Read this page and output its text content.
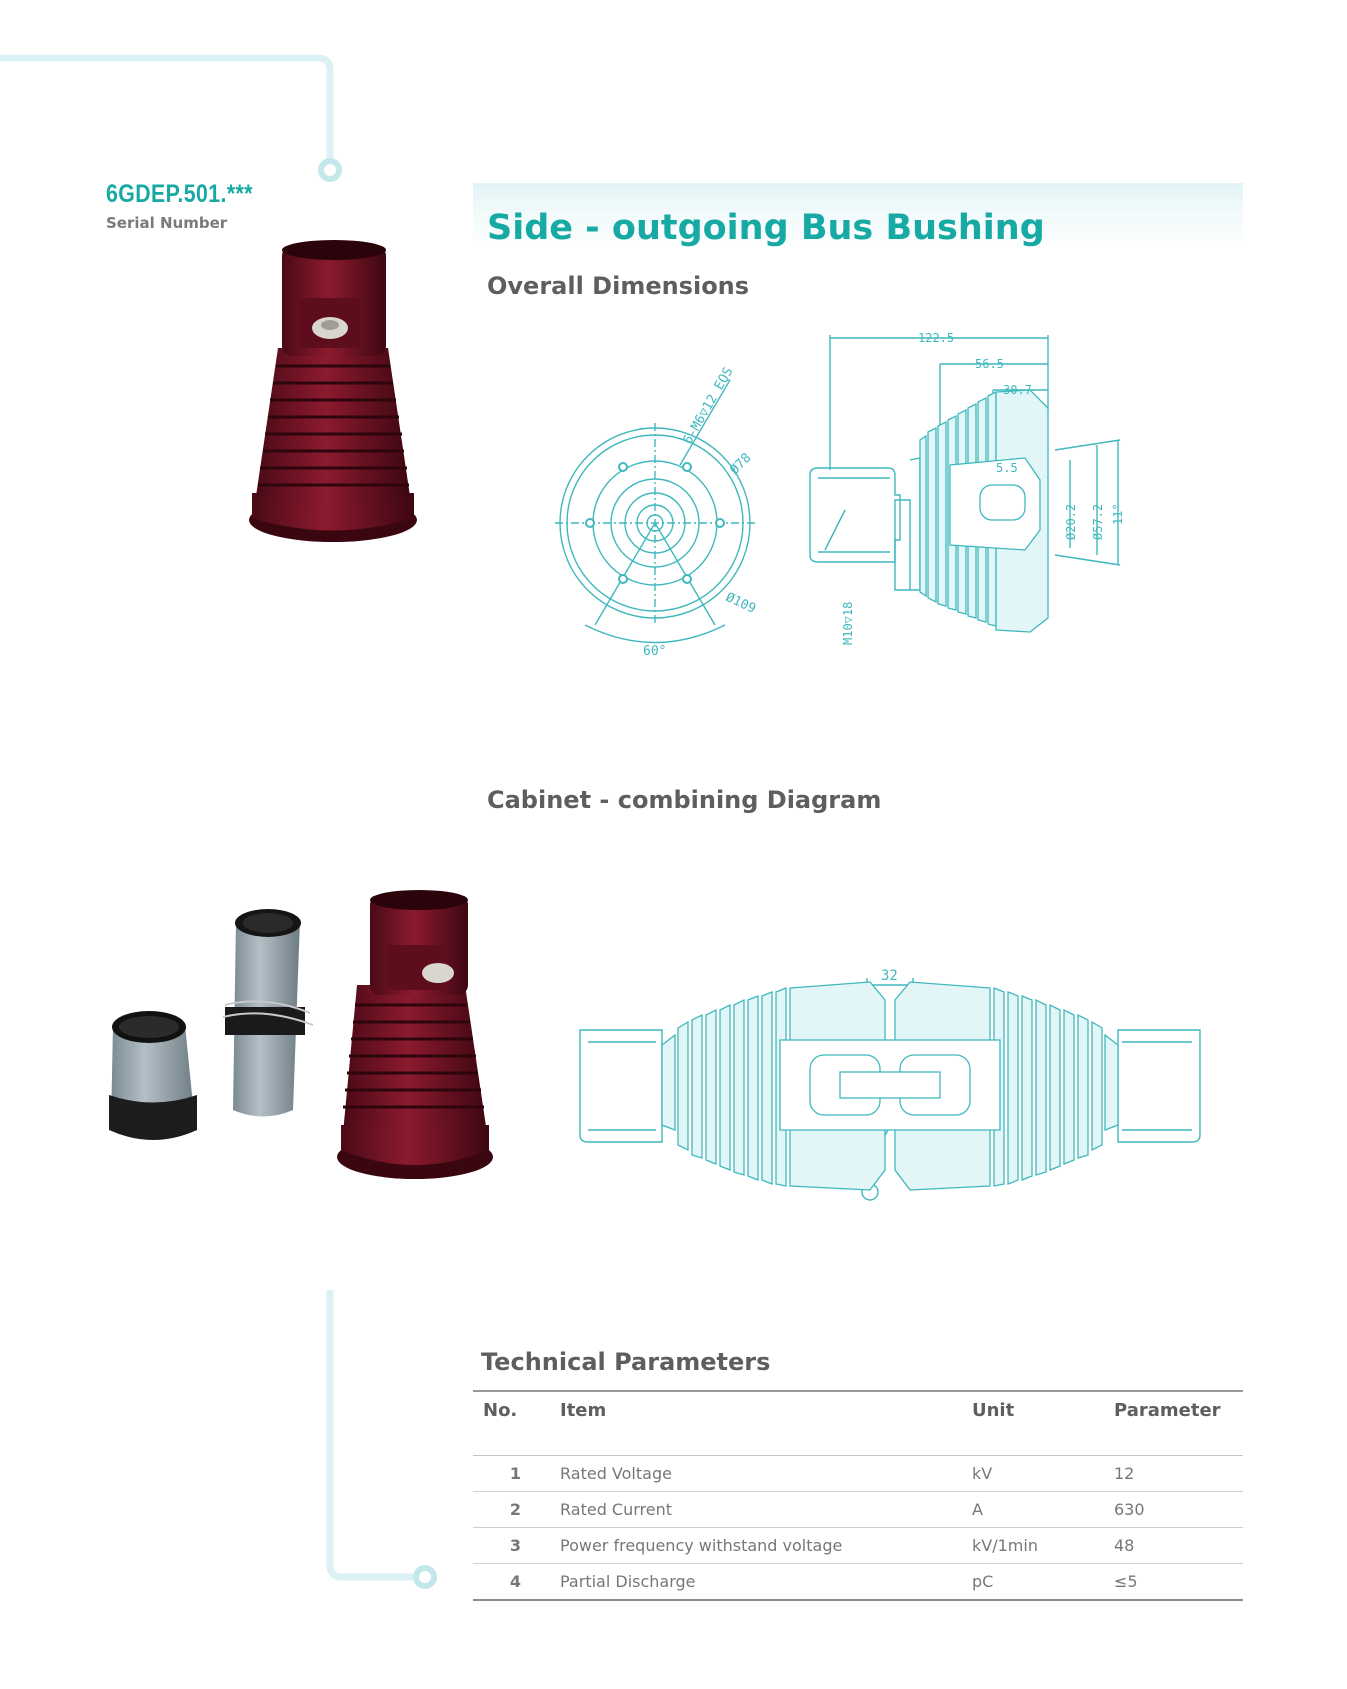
6GDEP.501.***
Serial Number	Side - outgoing Bus Bushing
Overall Dimensions
Cabinet - combining Diagram
Technical Parameters
6-M6▽12 EQS
Ø78
Ø109
60°
122.5
56.5
30.7
5.5
Ø20.2 Ø57.2 11°
M10▽18
32
No.	Item	Unit	Parameter
1	Rated Voltage	kV	12
2	Rated Current	A	630
3	Power frequency withstand voltage	kV/1min	48
4	Partial Discharge	pC	≤5
